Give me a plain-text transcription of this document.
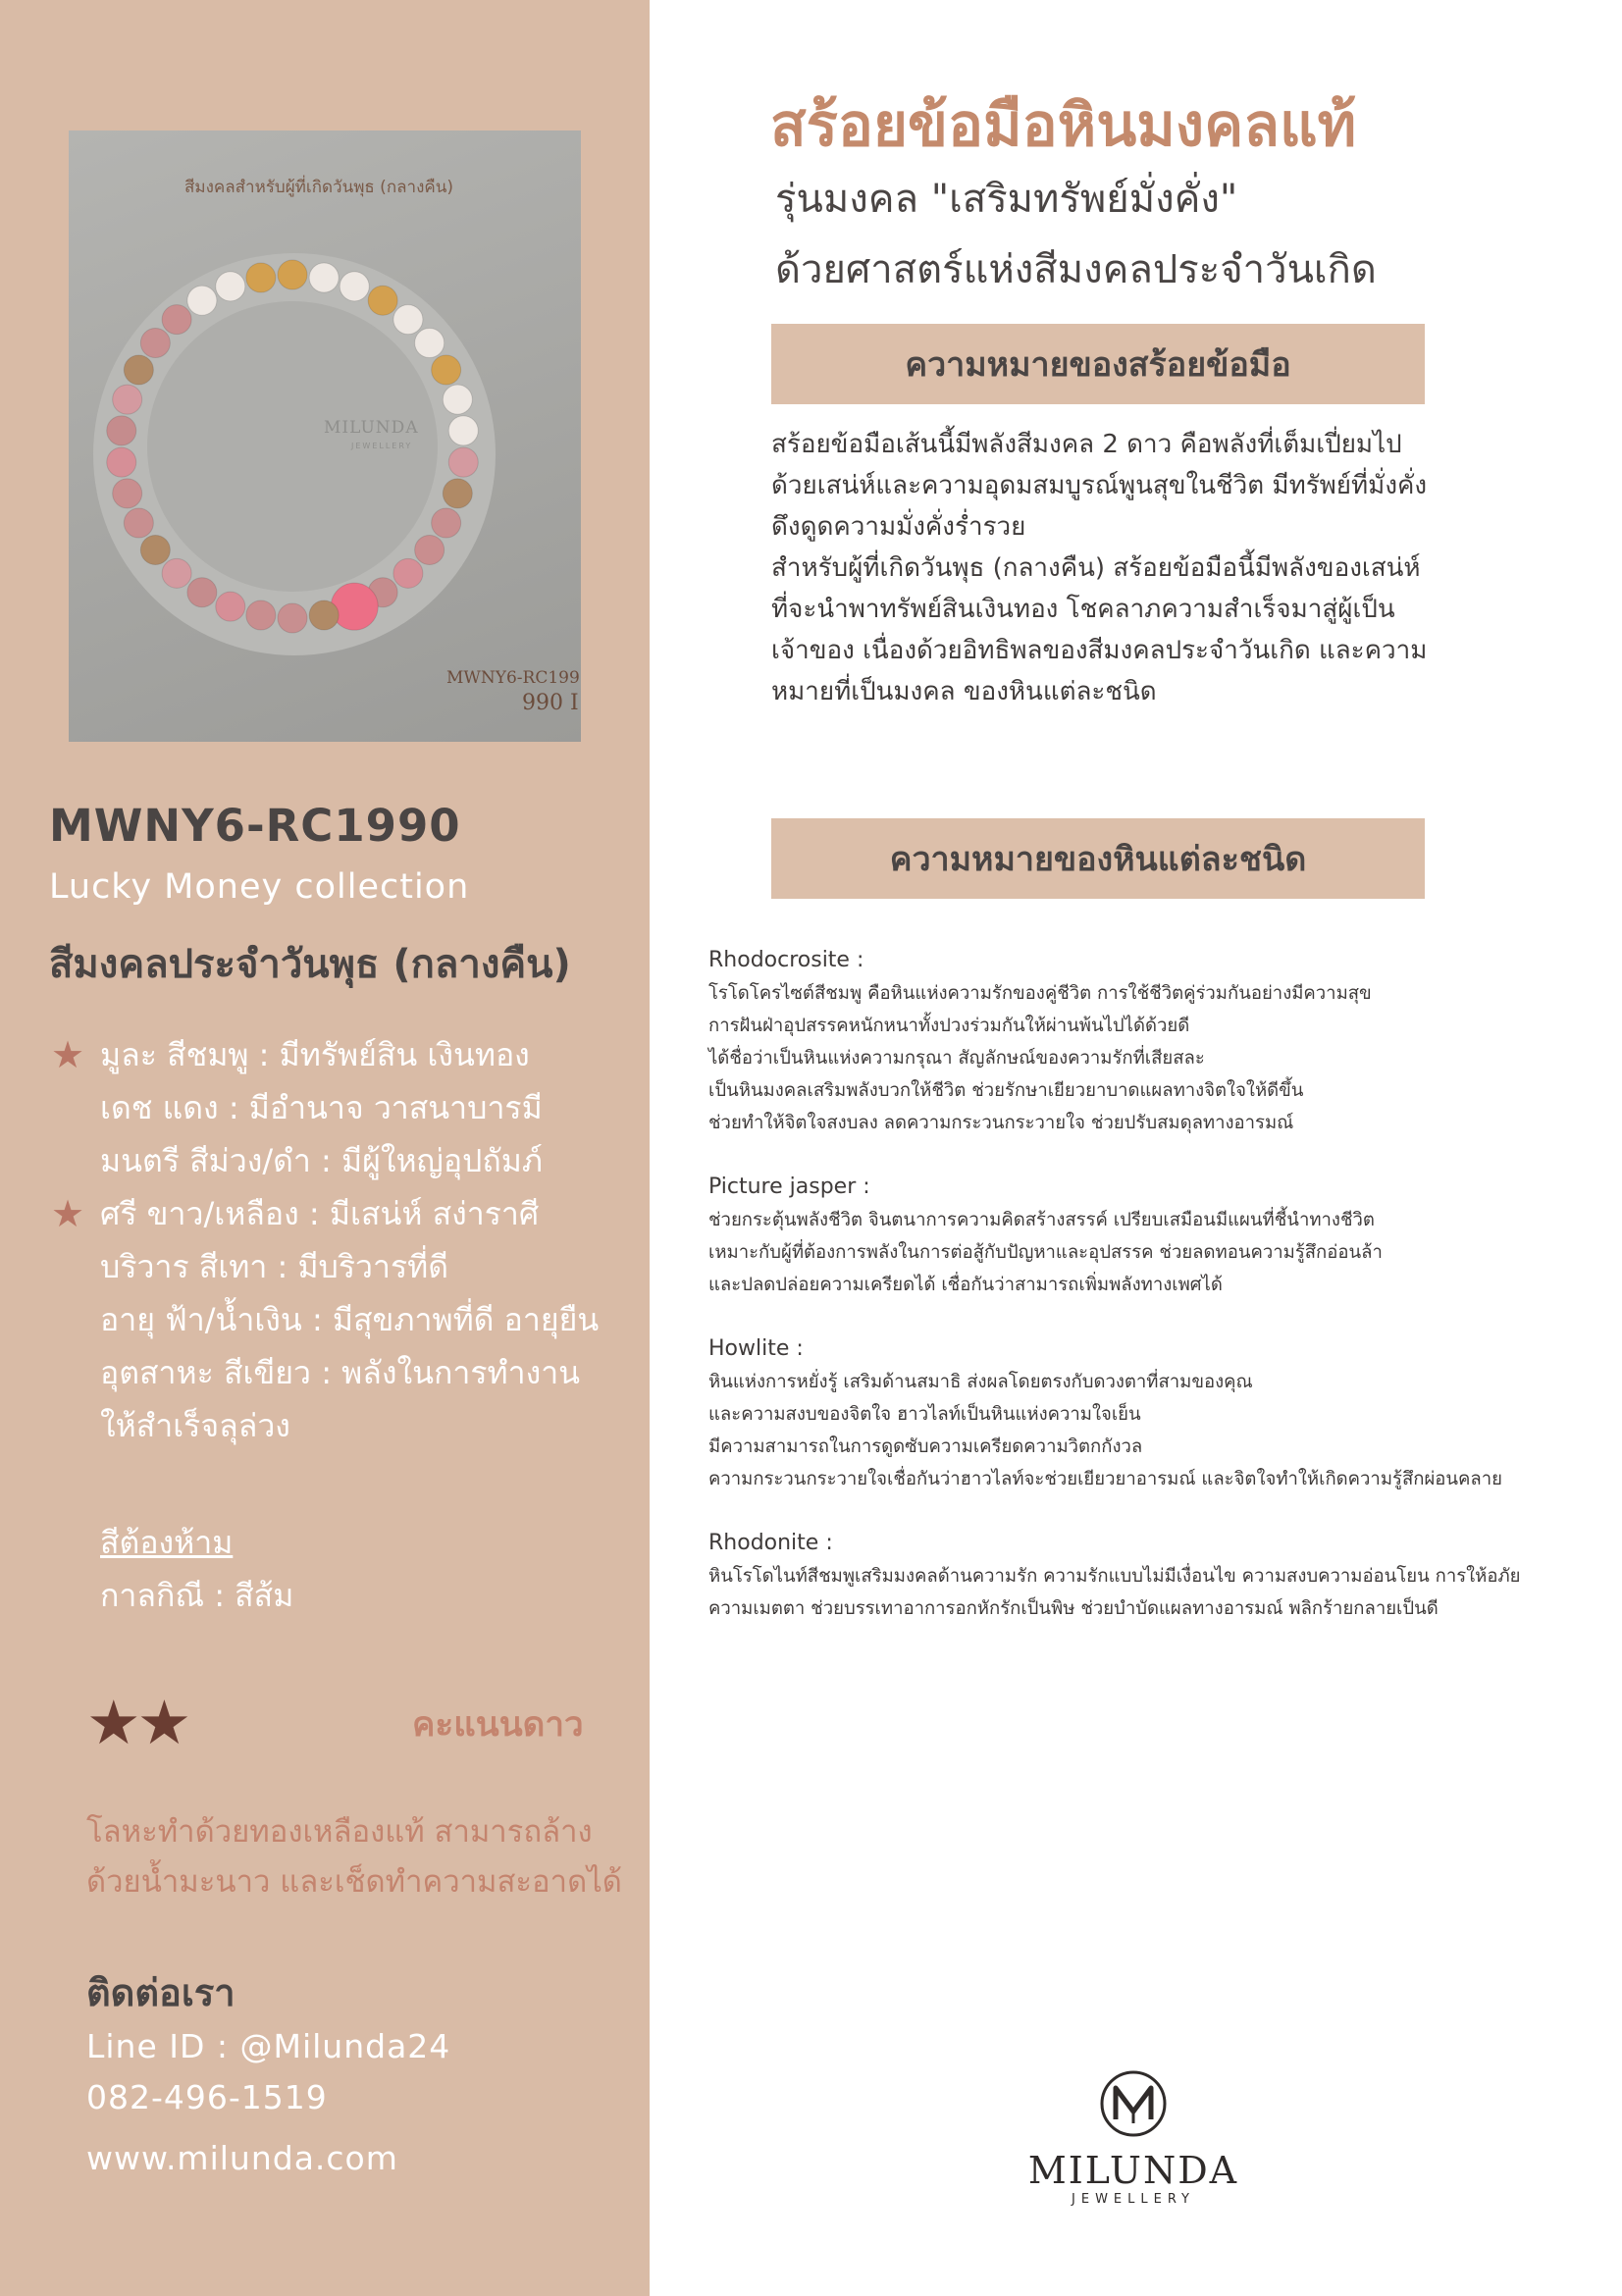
สีมงคลสำหรับผู้ที่เกิดวันพุธ (กลางคืน)
MILUNDA
JEWELLERY
MWNY6-RC199
990 I
MWNY6-RC1990
Lucky Money collection
สีมงคลประจำวันพุธ (กลางคืน)
★ มูละ สีชมพู : มีทรัพย์สิน เงินทอง
เดช แดง : มีอำนาจ วาสนาบารมี
มนตรี สีม่วง/ดำ : มีผู้ใหญ่อุปถัมภ์
★ ศรี ขาว/เหลือง : มีเสน่ห์ สง่าราศี
บริวาร สีเทา : มีบริวารที่ดี
อายุ ฟ้า/น้ำเงิน : มีสุขภาพที่ดี อายุยืน
อุตสาหะ สีเขียว : พลังในการทำงาน
ให้สำเร็จลุล่วง
สีต้องห้าม
กาลกิณี : สีส้ม
★★	คะแนนดาว
โลหะทำด้วยทองเหลืองแท้ สามารถล้างด้วยน้ำมะนาว และเช็ดทำความสะอาดได้
ติดต่อเรา
Line ID : @Milunda24
082-496-1519
www.milunda.com
สร้อยข้อมือหินมงคลแท้
รุ่นมงคล "เสริมทรัพย์มั่งคั่ง"
ด้วยศาสตร์แห่งสีมงคลประจำวันเกิด
ความหมายของสร้อยข้อมือ

สร้อยข้อมือเส้นนี้มีพลังสีมงคล 2 ดาว คือพลังที่เต็มเปี่ยมไป

ด้วยเสน่ห์และความอุดมสมบูรณ์พูนสุขในชีวิต มีทรัพย์ที่มั่งคั่ง

ดึงดูดความมั่งคั่งร่ำรวย

สำหรับผู้ที่เกิดวันพุธ (กลางคืน) สร้อยข้อมือนี้มีพลังของเสน่ห์

ที่จะนำพาทรัพย์สินเงินทอง โชคลาภความสำเร็จมาสู่ผู้เป็น

เจ้าของ เนื่องด้วยอิทธิพลของสีมงคลประจำวันเกิด และความ

หมายที่เป็นมงคล ของหินแต่ละชนิด

ความหมายของหินแต่ละชนิด
Rhodocrosite :
โรโดโครไซต์สีชมพู คือหินแห่งความรักของคู่ชีวิต การใช้ชีวิตคู่ร่วมกันอย่างมีความสุข
การฝันฝ่าอุปสรรคหนักหนาทั้งปวงร่วมกันให้ผ่านพ้นไปได้ด้วยดี
ได้ชื่อว่าเป็นหินแห่งความกรุณา สัญลักษณ์ของความรักที่เสียสละ
เป็นหินมงคลเสริมพลังบวกให้ชีวิต ช่วยรักษาเยียวยาบาดแผลทางจิตใจให้ดีขึ้น
ช่วยทำให้จิตใจสงบลง ลดความกระวนกระวายใจ ช่วยปรับสมดุลทางอารมณ์
Picture jasper :
ช่วยกระตุ้นพลังชีวิต จินตนาการความคิดสร้างสรรค์ เปรียบเสมือนมีแผนที่ชี้นำทางชีวิต
เหมาะกับผู้ที่ต้องการพลังในการต่อสู้กับปัญหาและอุปสรรค ช่วยลดทอนความรู้สึกอ่อนล้า
และปลดปล่อยความเครียดได้ เชื่อกันว่าสามารถเพิ่มพลังทางเพศได้
Howlite :
หินแห่งการหยั่งรู้ เสริมด้านสมาธิ ส่งผลโดยตรงกับดวงตาที่สามของคุณ
และความสงบของจิตใจ ฮาวไลท์เป็นหินแห่งความใจเย็น
มีความสามารถในการดูดซับความเครียดความวิตกกังวล
ความกระวนกระวายใจเชื่อกันว่าฮาวไลท์จะช่วยเยียวยาอารมณ์ และจิตใจทำให้เกิดความรู้สึกผ่อนคลาย
Rhodonite :
หินโรโดไนท์สีชมพูเสริมมงคลด้านความรัก ความรักแบบไม่มีเงื่อนไข ความสงบความอ่อนโยน การให้อภัย
ความเมตตา ช่วยบรรเทาอาการอกหักรักเป็นพิษ ช่วยบำบัดแผลทางอารมณ์ พลิกร้ายกลายเป็นดี
MILUNDA
JEWELLERY
